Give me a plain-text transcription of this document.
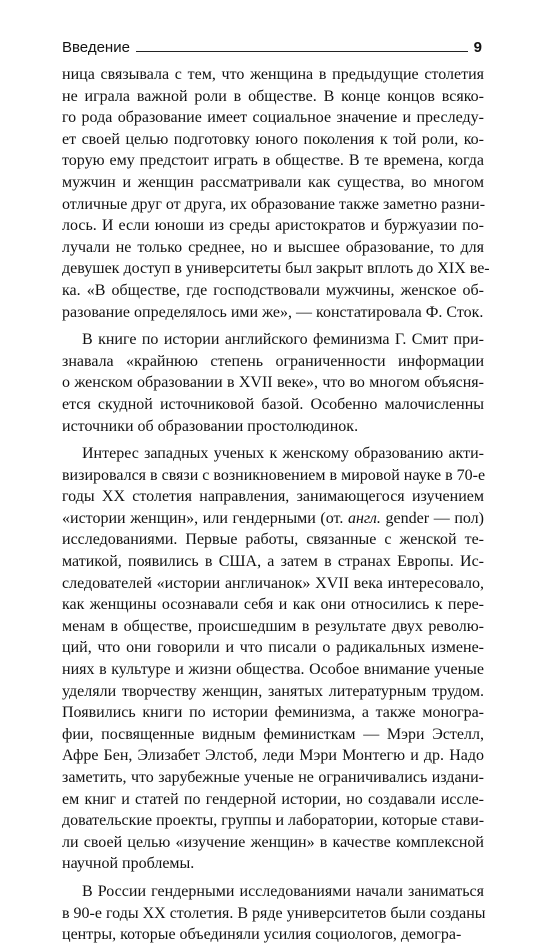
Введение	9
ница связывала с тем, что женщина в предыдущие столетия
не играла важной роли в обществе. В конце концов всяко-
го рода образование имеет социальное значение и преследу-
ет своей целью подготовку юного поколения к той роли, ко-
торую ему предстоит играть в обществе. В те времена, когда
мужчин и женщин рассматривали как существа, во многом
отличные друг от друга, их образование также заметно разни-
лось. И если юноши из среды аристократов и буржуазии по-
лучали не только среднее, но и высшее образование, то для
девушек доступ в университеты был закрыт вплоть до XIX ве-
ка. «В обществе, где господствовали мужчины, женское об-
разование определялось ими же», — констатировала Ф. Сток.
В книге по истории английского феминизма Г. Смит при-
знавала «крайнюю степень ограниченности информации
о женском образовании в XVII веке», что во многом объясня-
ется скудной источниковой базой. Особенно малочисленны
источники об образовании простолюдинок.
Интерес западных ученых к женскому образованию акти-
визировался в связи с возникновением в мировой науке в 70-е
годы XX столетия направления, занимающегося изучением
«истории женщин», или гендерными (от. англ. gender — пол)
исследованиями. Первые работы, связанные с женской те-
матикой, появились в США, а затем в странах Европы. Ис-
следователей «истории англичанок» XVII века интересовало,
как женщины осознавали себя и как они относились к пере-
менам в обществе, происшедшим в результате двух револю-
ций, что они говорили и что писали о радикальных измене-
ниях в культуре и жизни общества. Особое внимание ученые
уделяли творчеству женщин, занятых литературным трудом.
Появились книги по истории феминизма, а также моногра-
фии, посвященные видным феминисткам — Мэри Эстелл,
Афре Бен, Элизабет Элстоб, леди Мэри Монтегю и др. Надо
заметить, что зарубежные ученые не ограничивались издани-
ем книг и статей по гендерной истории, но создавали иссле-
довательские проекты, группы и лаборатории, которые стави-
ли своей целью «изучение женщин» в качестве комплексной
научной проблемы.
В России гендерными исследованиями начали заниматься
в 90-е годы XX столетия. В ряде университетов были созданы
центры, которые объединяли усилия социологов, демогра-
